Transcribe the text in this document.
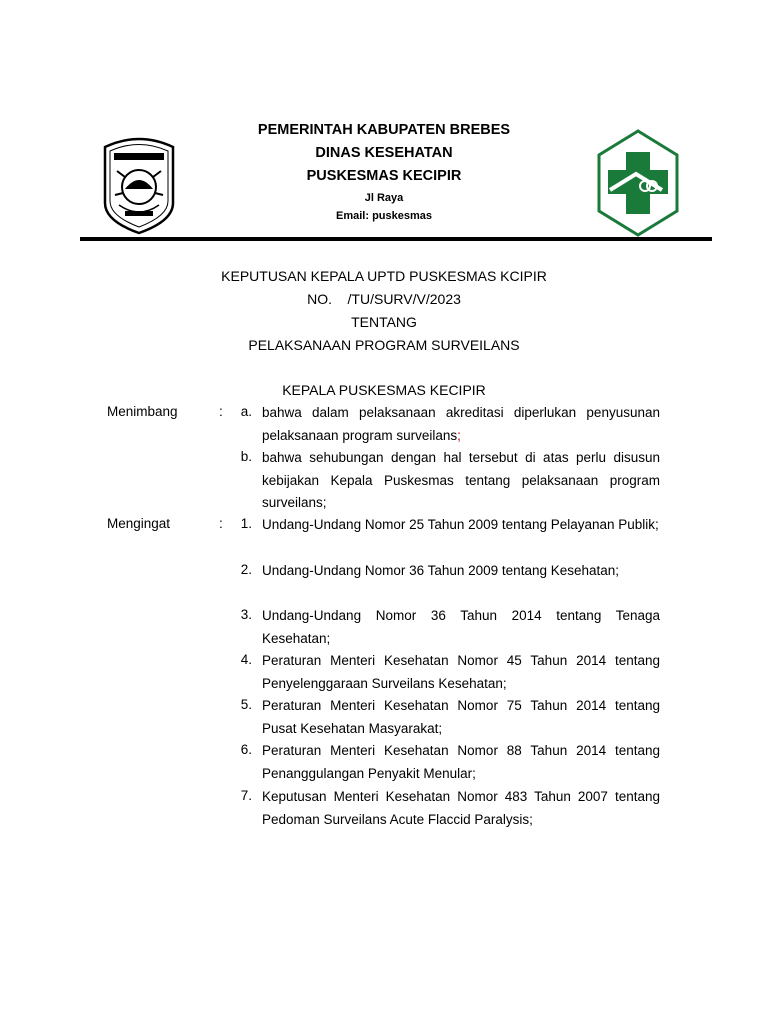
PEMERINTAH KABUPATEN BREBES
DINAS KESEHATAN
PUSKESMAS KECIPIR
Jl Raya
Email: puskesmas
KEPUTUSAN KEPALA UPTD PUSKESMAS KCIPIR
NO.    /TU/SURV/V/2023
TENTANG
PELAKSANAAN PROGRAM SURVEILANS
KEPALA PUSKESMAS KECIPIR
Menimbang	:	a. bahwa dalam pelaksanaan akreditasi diperlukan penyusunan pelaksanaan program surveilans;
b. bahwa sehubungan dengan hal tersebut di atas perlu disusun kebijakan Kepala Puskesmas tentang pelaksanaan program surveilans;
Mengingat	:	1. Undang-Undang Nomor 25 Tahun 2009 tentang Pelayanan Publik;
2. Undang-Undang Nomor 36 Tahun 2009 tentang Kesehatan;
3. Undang-Undang Nomor 36 Tahun 2014 tentang Tenaga Kesehatan;
4. Peraturan Menteri Kesehatan Nomor 45 Tahun 2014 tentang Penyelenggaraan Surveilans Kesehatan;
5. Peraturan Menteri Kesehatan Nomor 75 Tahun 2014 tentang Pusat Kesehatan Masyarakat;
6. Peraturan Menteri Kesehatan Nomor 88 Tahun 2014 tentang Penanggulangan Penyakit Menular;
7. Keputusan Menteri Kesehatan Nomor 483 Tahun 2007 tentang Pedoman Surveilans Acute Flaccid Paralysis;
